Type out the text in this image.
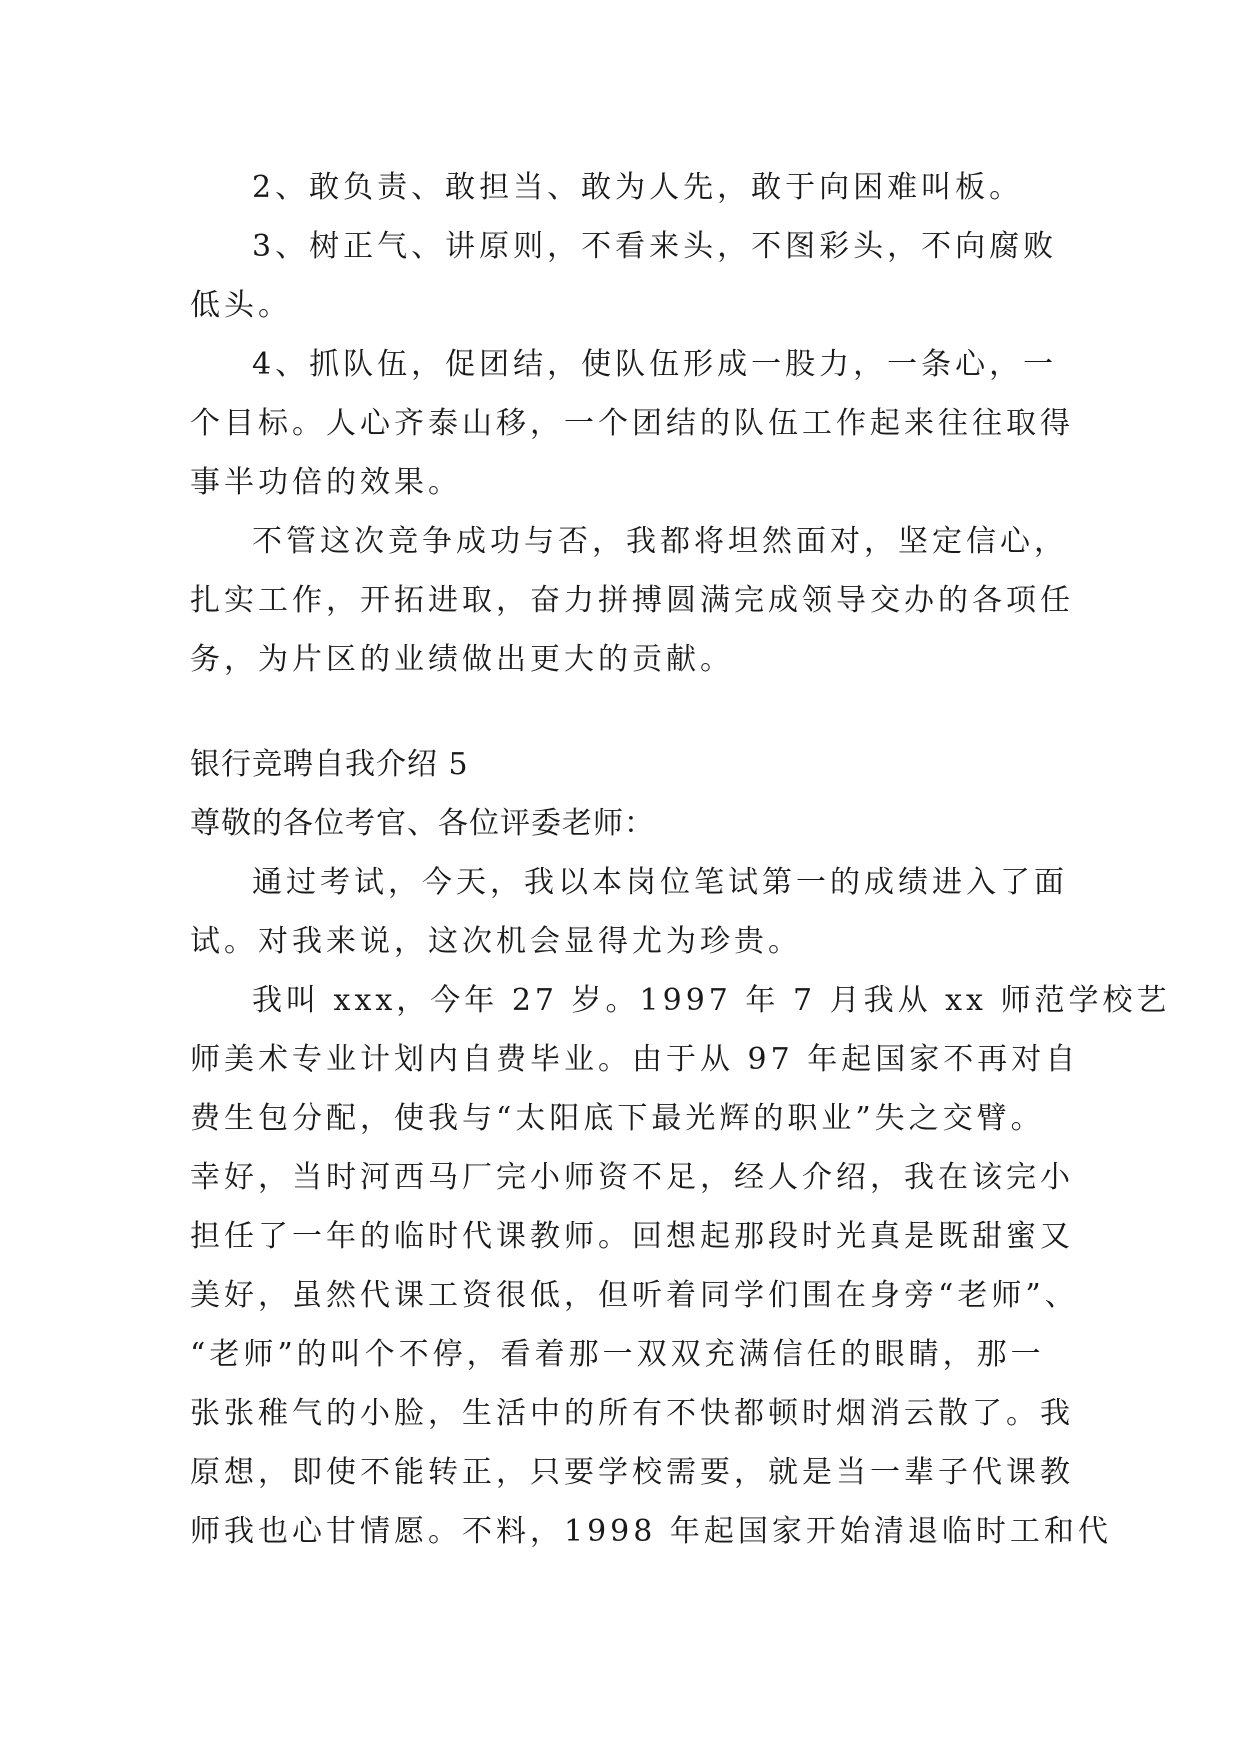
2、敢负责、敢担当、敢为人先，敢于向困难叫板。
3、树正气、讲原则，不看来头，不图彩头，不向腐败
低头。
4、抓队伍，促团结，使队伍形成一股力，一条心，一
个目标。人心齐泰山移，一个团结的队伍工作起来往往取得
事半功倍的效果。
不管这次竞争成功与否，我都将坦然面对，坚定信心，
扎实工作，开拓进取，奋力拼搏圆满完成领导交办的各项任
务，为片区的业绩做出更大的贡献。
银行竞聘自我介绍 5
尊敬的各位考官、各位评委老师：
通过考试，今天，我以本岗位笔试第一的成绩进入了面
试。对我来说，这次机会显得尤为珍贵。
我叫 xxx，今年 27 岁。1997 年 7 月我从 xx 师范学校艺
师美术专业计划内自费毕业。由于从 97 年起国家不再对自
费生包分配，使我与“太阳底下最光辉的职业”失之交臂。
幸好，当时河西马厂完小师资不足，经人介绍，我在该完小
担任了一年的临时代课教师。回想起那段时光真是既甜蜜又
美好，虽然代课工资很低，但听着同学们围在身旁“老师”、
“老师”的叫个不停，看着那一双双充满信任的眼睛，那一
张张稚气的小脸，生活中的所有不快都顿时烟消云散了。我
原想，即使不能转正，只要学校需要，就是当一辈子代课教
师我也心甘情愿。不料，1998 年起国家开始清退临时工和代
